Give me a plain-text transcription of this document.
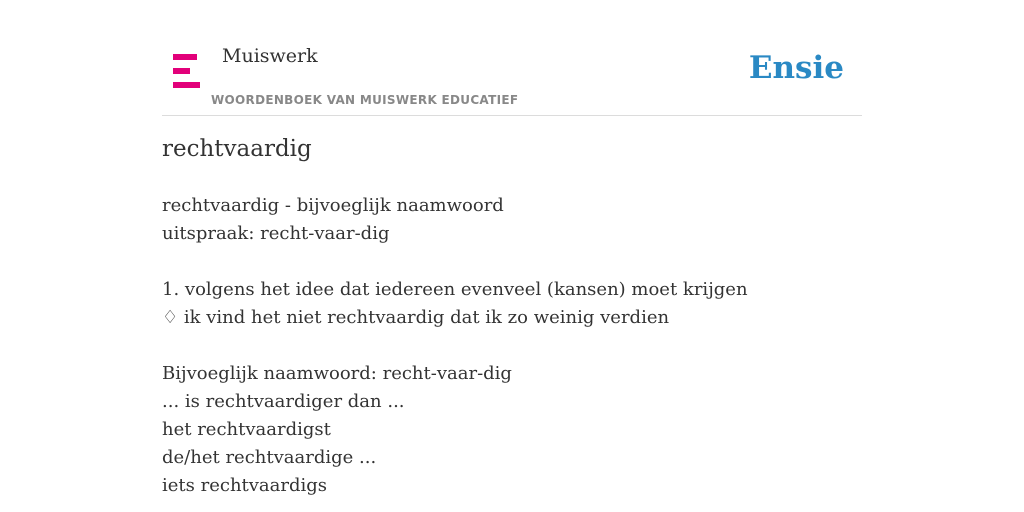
Muiswerk
WOORDENBOEK VAN MUISWERK EDUCATIEF
Ensie
rechtvaardig
rechtvaardig - bijvoeglijk naamwoord
uitspraak: recht-vaar-dig
1. volgens het idee dat iedereen evenveel (kansen) moet krijgen
♢ ik vind het niet rechtvaardig dat ik zo weinig verdien
Bijvoeglijk naamwoord: recht-vaar-dig
... is rechtvaardiger dan ...
het rechtvaardigst
de/het rechtvaardige ...
iets rechtvaardigs
